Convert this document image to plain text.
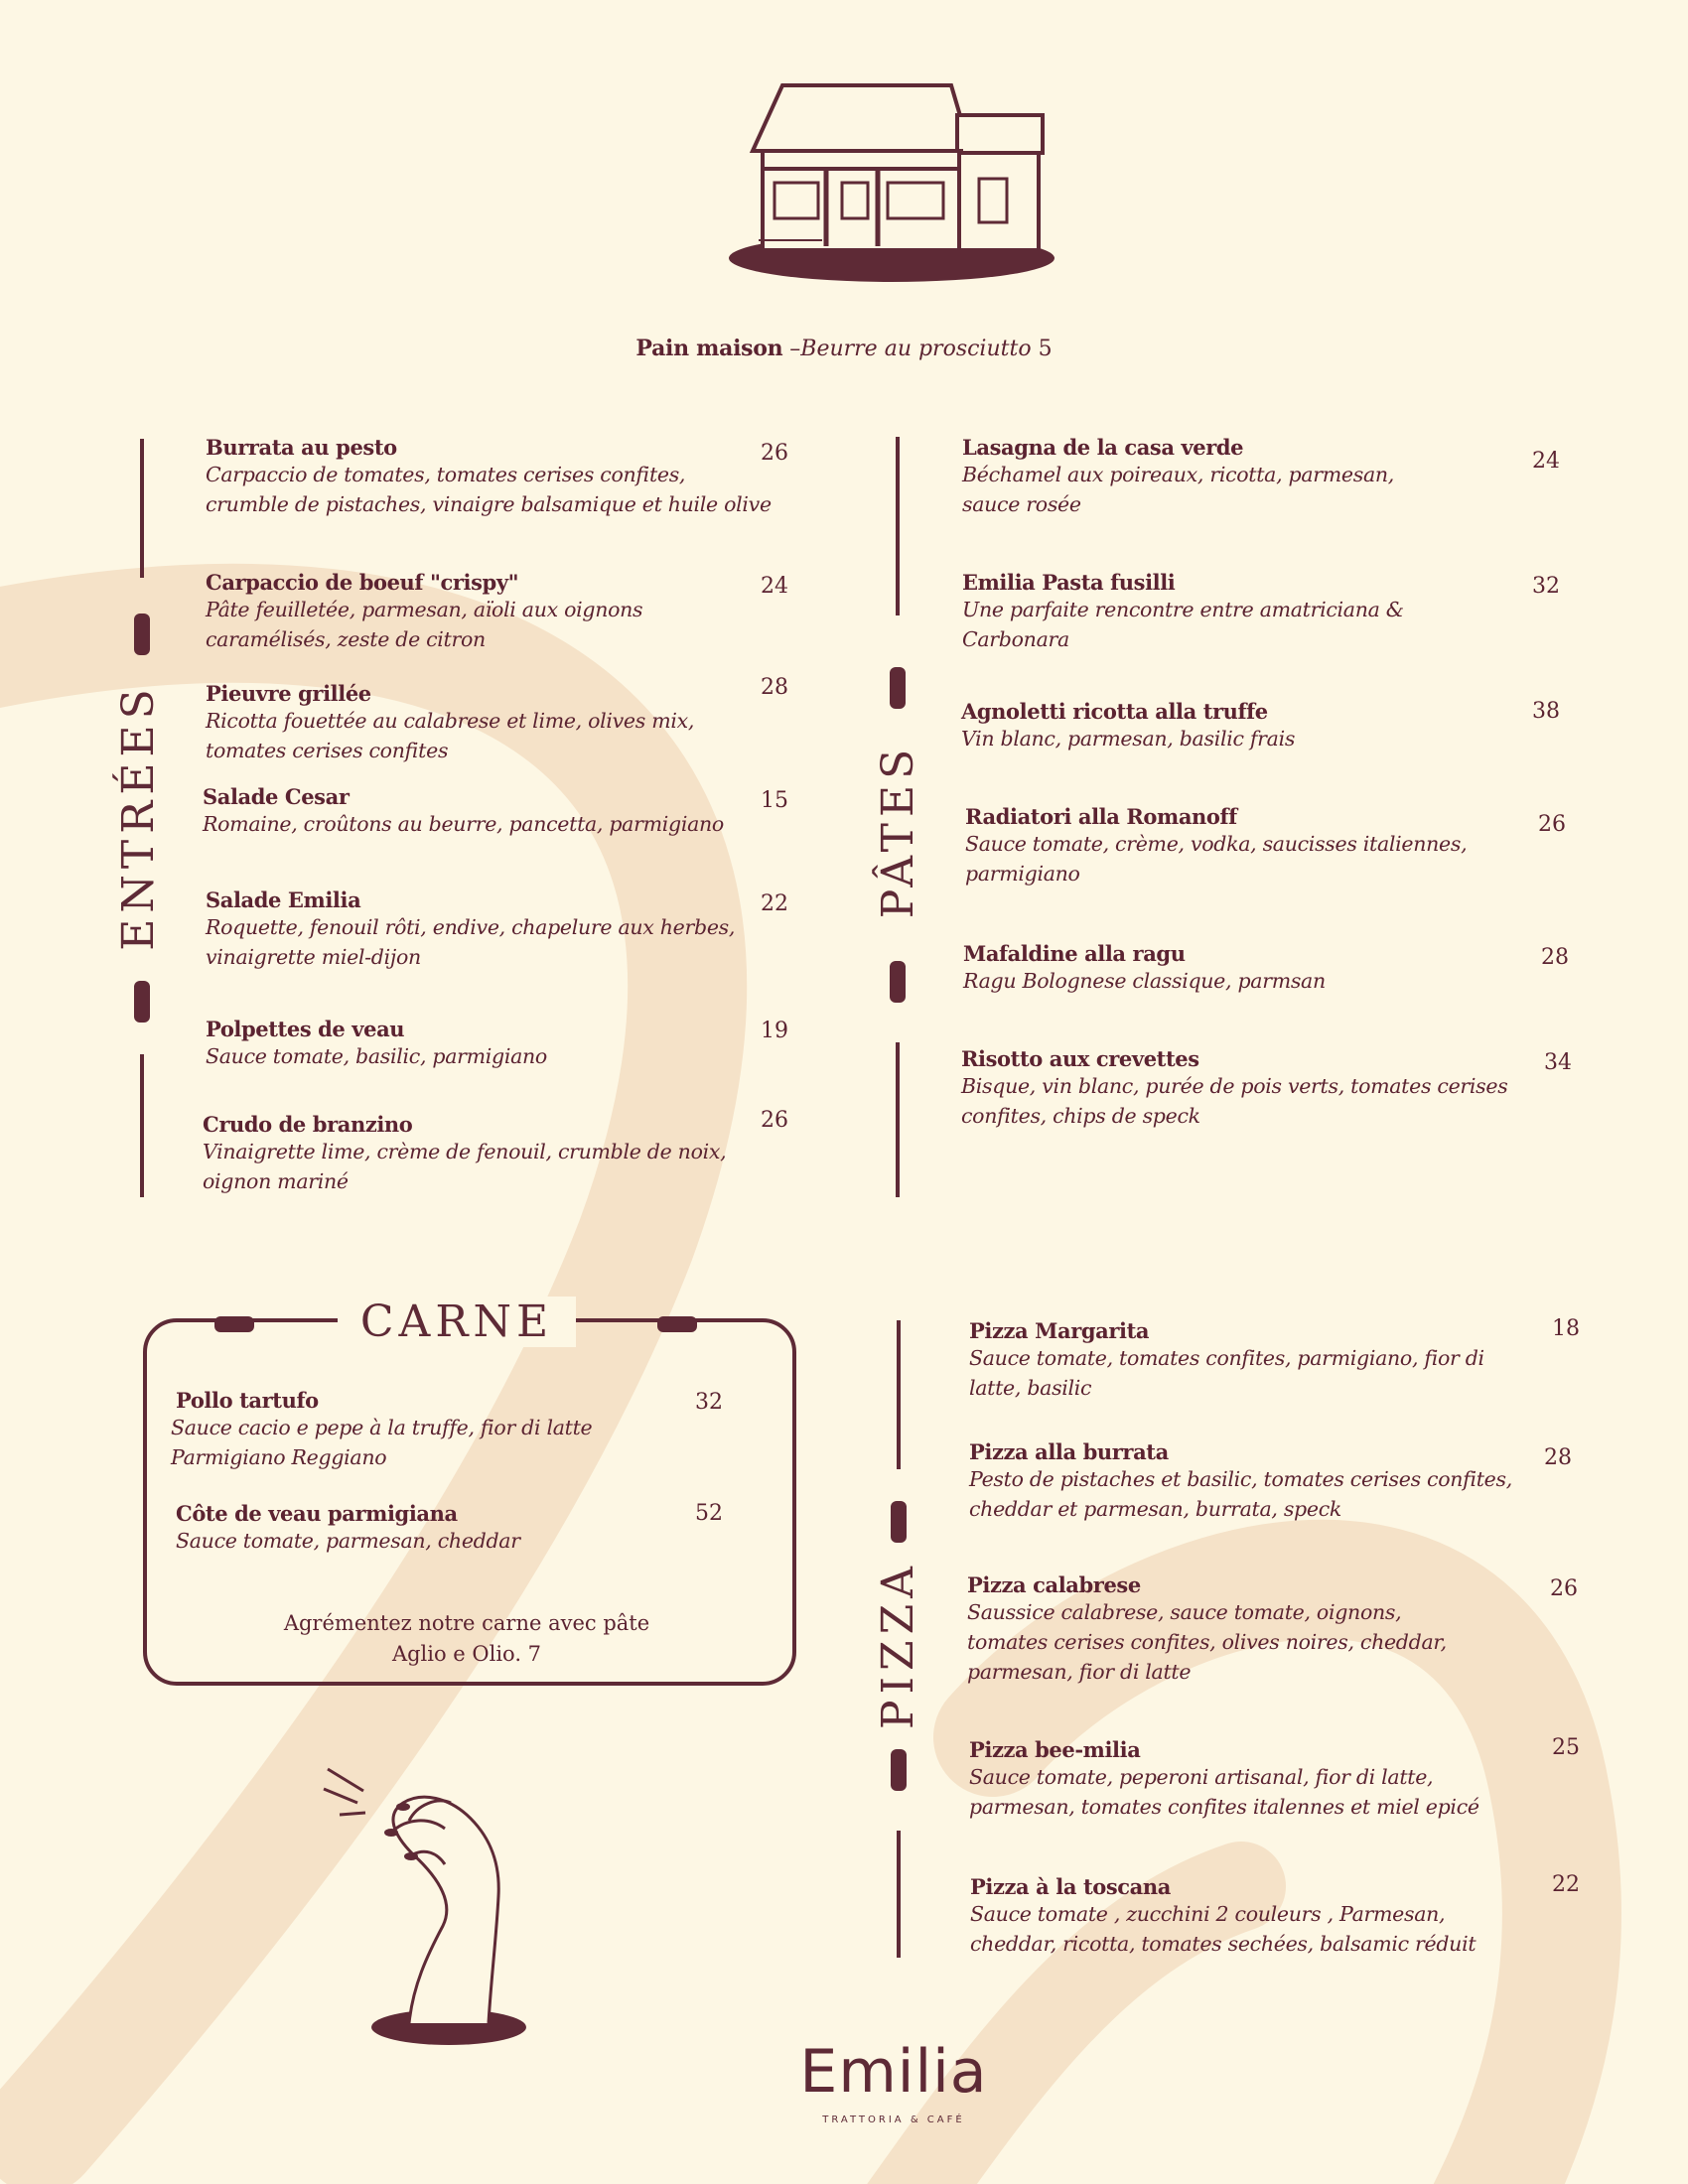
Pain maison –Beurre au prosciutto 5
ENTRÉES	PÂTES
PIZZA
CARNE
Burrata au pesto
Carpaccio de tomates, tomates cerises confites,
crumble de pistaches, vinaigre balsamique et huile olive
26
Carpaccio de boeuf "crispy"
Pâte feuilletée, parmesan, aïoli aux oignons
caramélisés, zeste de citron
24
Pieuvre grillée
Ricotta fouettée au calabrese et lime, olives mix,
tomates cerises confites
28
Salade Cesar
Romaine, croûtons au beurre, pancetta, parmigiano
15
Salade Emilia
Roquette, fenouil rôti, endive, chapelure aux herbes,
vinaigrette miel-dijon
22
Polpettes de veau
Sauce tomate, basilic, parmigiano
19
Crudo de branzino
Vinaigrette lime, crème de fenouil, crumble de noix,
oignon mariné
26
Lasagna de la casa verde
Béchamel aux poireaux, ricotta, parmesan,
sauce rosée
24
Emilia Pasta fusilli
Une parfaite rencontre entre amatriciana &
Carbonara
32
Agnoletti ricotta alla truffe
Vin blanc, parmesan, basilic frais
38
Radiatori alla Romanoff
Sauce tomate, crème, vodka, saucisses italiennes,
parmigiano
26
Mafaldine alla ragu
Ragu Bolognese classique, parmsan
28
Risotto aux crevettes
Bisque, vin blanc, purée de pois verts, tomates cerises
confites, chips de speck
34
Pollo tartufo
Sauce cacio e pepe à la truffe, fior di latte
Parmigiano Reggiano
32
Côte de veau parmigiana
Sauce tomate, parmesan, cheddar
52
Agrémentez notre carne avec pâte
Aglio e Olio. 7
Pizza Margarita
Sauce tomate, tomates confites, parmigiano, fior di
latte, basilic
18
Pizza alla burrata
Pesto de pistaches et basilic, tomates cerises confites,
cheddar et parmesan, burrata, speck
28
Pizza calabrese
Saussice calabrese, sauce tomate, oignons,
tomates cerises confites, olives noires, cheddar,
parmesan, fior di latte
26
Pizza bee-milia
Sauce tomate, peperoni artisanal, fior di latte,
parmesan, tomates confites italennes et miel epicé
25
Pizza à la toscana
Sauce tomate , zucchini 2 couleurs , Parmesan,
cheddar, ricotta, tomates sechées, balsamic réduit
22
Emilia
TRATTORIA & CAFÉ
